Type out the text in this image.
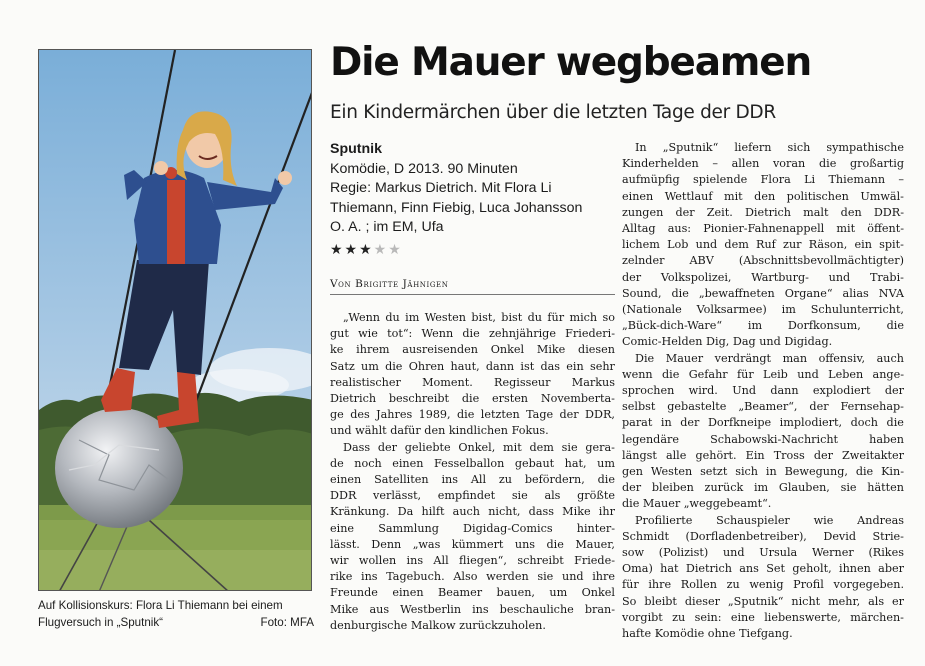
Auf Kollisionskurs: Flora Li Thiemann bei einem
Flugversuch in „Sputnik“	Foto: MFA
Die Mauer wegbeamen
Ein Kindermärchen über die letzten Tage der DDR
Sputnik
Komödie, D 2013. 90 Minuten
Regie: Markus Dietrich. Mit Flora Li
Thiemann, Finn Fiebig, Luca Johansson
O. A. ; im EM, Ufa
★★★★★
Von Brigitte Jähnigen
„Wenn du im Westen bist, bist du für mich so
gut wie tot“: Wenn die zehnjährige Friederi-
ke ihrem ausreisenden Onkel Mike diesen
Satz um die Ohren haut, dann ist das ein sehr
realistischer Moment. Regisseur Markus
Dietrich beschreibt die ersten Novemberta-
ge des Jahres 1989, die letzten Tage der DDR,
und wählt dafür den kindlichen Fokus.
Dass der geliebte Onkel, mit dem sie gera-
de noch einen Fesselballon gebaut hat, um
einen Satelliten ins All zu befördern, die
DDR verlässt, empfindet sie als größte
Kränkung. Da hilft auch nicht, dass Mike ihr
eine Sammlung Digidag-Comics hinter-
lässt. Denn „was kümmert uns die Mauer,
wir wollen ins All fliegen“, schreibt Friede-
rike ins Tagebuch. Also werden sie und ihre
Freunde einen Beamer bauen, um Onkel
Mike aus Westberlin ins beschauliche bran-
denburgische Malkow zurückzuholen.
In „Sputnik“ liefern sich sympathische
Kinderhelden – allen voran die großartig
aufmüpfig spielende Flora Li Thiemann –
einen Wettlauf mit den politischen Umwäl-
zungen der Zeit. Dietrich malt den DDR-
Alltag aus: Pionier-Fahnenappell mit öffent-
lichem Lob und dem Ruf zur Räson, ein spit-
zelnder ABV (Abschnittsbevollmächtigter)
der Volkspolizei, Wartburg- und Trabi-
Sound, die „bewaffneten Organe“ alias NVA
(Nationale Volksarmee) im Schulunterricht,
„Bück-dich-Ware“ im Dorfkonsum, die
Comic-Helden Dig, Dag und Digidag.
Die Mauer verdrängt man offensiv, auch
wenn die Gefahr für Leib und Leben ange-
sprochen wird. Und dann explodiert der
selbst gebastelte „Beamer“, der Fernsehap-
parat in der Dorfkneipe implodiert, doch die
legendäre	Schabowski-Nachricht	haben
längst alle gehört. Ein Tross der Zweitakter
gen Westen setzt sich in Bewegung, die Kin-
der bleiben zurück im Glauben, sie hätten
die Mauer „weggebeamt“.
Profilierte Schauspieler wie Andreas
Schmidt (Dorfladenbetreiber), Devid Strie-
sow (Polizist) und Ursula Werner (Rikes
Oma) hat Dietrich ans Set geholt, ihnen aber
für ihre Rollen zu wenig Profil vorgegeben.
So bleibt dieser „Sputnik“ nicht mehr, als er
vorgibt zu sein: eine liebenswerte, märchen-
hafte Komödie ohne Tiefgang.
